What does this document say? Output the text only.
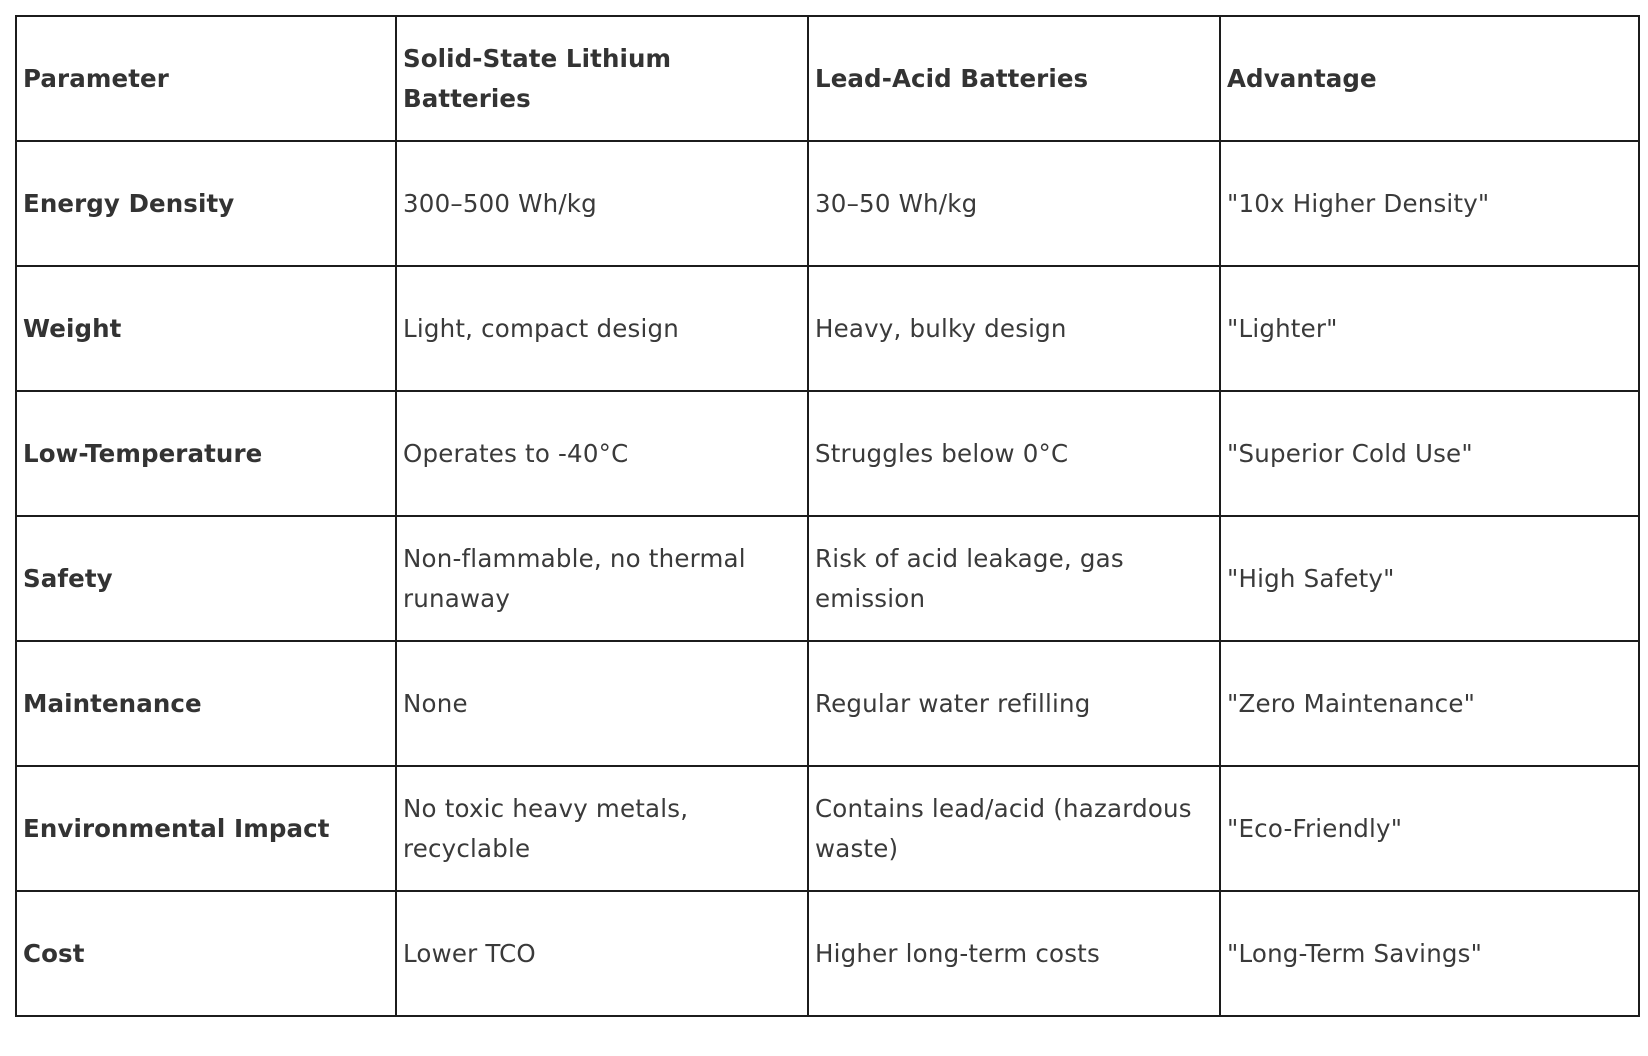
Parameter	Solid-State Lithium Batteries	Lead-Acid Batteries	Advantage
Energy Density	300–500 Wh/kg	30–50 Wh/kg	"10x Higher Density"
Weight	Light, compact design	Heavy, bulky design	"Lighter"
Low-Temperature	Operates to -40°C	Struggles below 0°C	"Superior Cold Use"
Safety	Non-flammable, no thermal runaway	Risk of acid leakage, gas emission	"High Safety"
Maintenance	None	Regular water refilling	"Zero Maintenance"
Environmental Impact	No toxic heavy metals, recyclable	Contains lead/acid (hazardous waste)	"Eco-Friendly"
Cost	Lower TCO	Higher long-term costs	"Long-Term Savings"
